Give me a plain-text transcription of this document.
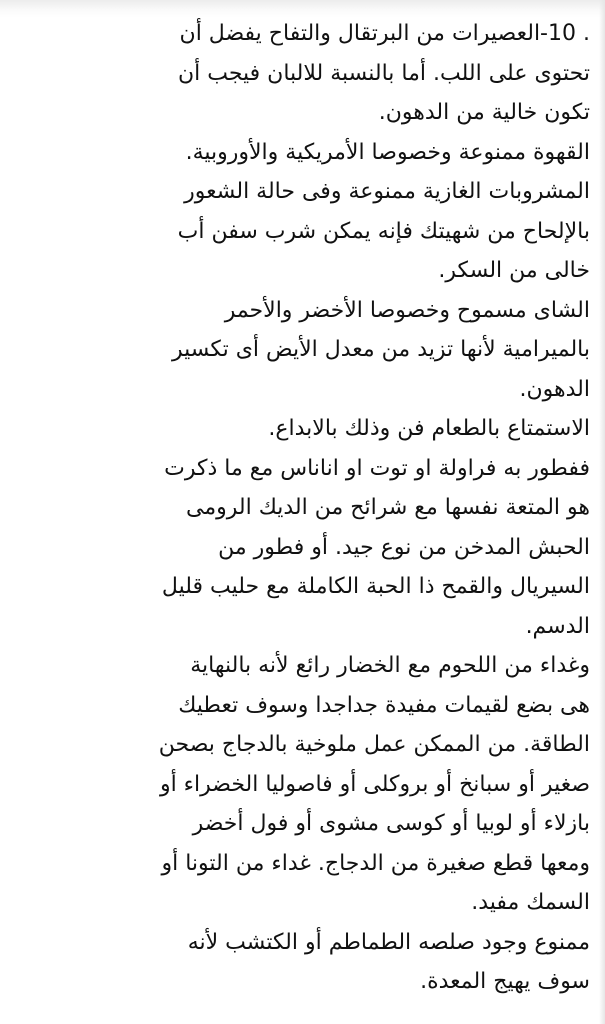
. 10-العصيرات من البرتقال والتفاح يفضل أن
تحتوى على اللب. أما بالنسبة للالبان فيجب أن
تكون خالية من الدهون.
القهوة ممنوعة وخصوصا الأمريكية والأوروبية.
المشروبات الغازية ممنوعة وفى حالة الشعور
بالإلحاح من شهيتك فإنه يمكن شرب سفن أب
خالى من السكر.
الشاى مسموح وخصوصا الأخضر والأحمر
بالميرامية لأنها تزيد من معدل الأيض أى تكسير
الدهون.
الاستمتاع بالطعام فن وذلك بالابداع.
ففطور به فراولة او توت او اناناس مع ما ذكرت
هو المتعة نفسها مع شرائح من الديك الرومى
الحبش المدخن من نوع جيد. أو فطور من
السيريال والقمح ذا الحبة الكاملة مع حليب قليل
الدسم.
وغداء من اللحوم مع الخضار رائع لأنه بالنهاية
هى بضع لقيمات مفيدة جداجدا وسوف تعطيك
الطاقة. من الممكن عمل ملوخية بالدجاج بصحن
صغير أو سبانخ أو بروكلى أو فاصوليا الخضراء أو
بازلاء أو لوبيا أو كوسى مشوى أو فول أخضر
ومعها قطع صغيرة من الدجاج. غداء من التونا أو
السمك مفيد.
ممنوع وجود صلصه الطماطم أو الكتشب لأنه
سوف يهيج المعدة.
